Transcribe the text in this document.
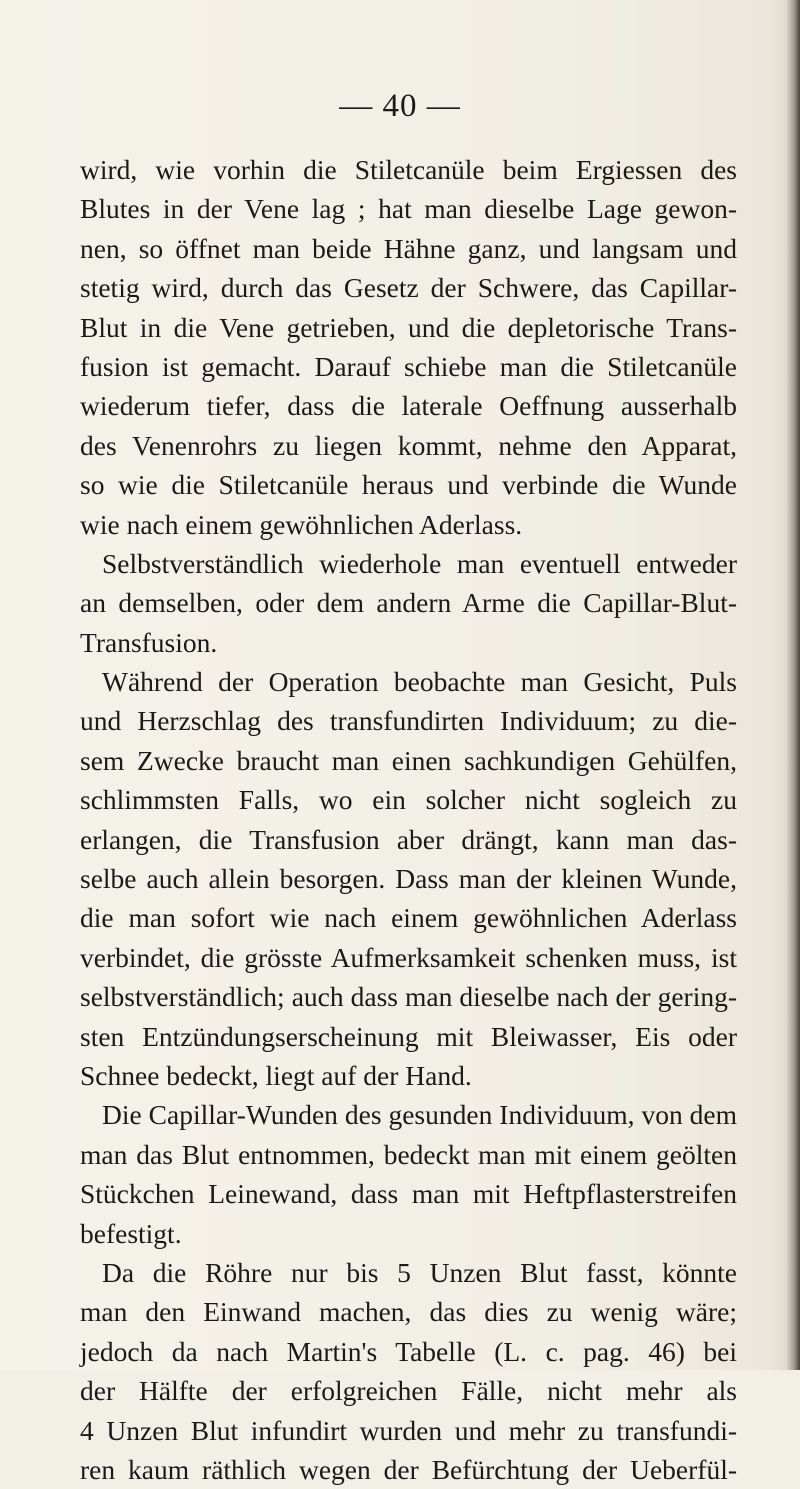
— 40 —
wird, wie vorhin die Stiletcanüle beim Ergiessen des
Blutes in der Vene lag ; hat man dieselbe Lage gewon-
nen, so öffnet man beide Hähne ganz, und langsam und
stetig wird, durch das Gesetz der Schwere, das Capillar-
Blut in die Vene getrieben, und die depletorische Trans-
fusion ist gemacht. Darauf schiebe man die Stiletcanüle
wiederum tiefer, dass die laterale Oeffnung ausserhalb
des Venenrohrs zu liegen kommt, nehme den Apparat,
so wie die Stiletcanüle heraus und verbinde die Wunde
wie nach einem gewöhnlichen Aderlass.
Selbstverständlich wiederhole man eventuell entweder
an demselben, oder dem andern Arme die Capillar-Blut-
Transfusion.
Während der Operation beobachte man Gesicht, Puls
und Herzschlag des transfundirten Individuum; zu die-
sem Zwecke braucht man einen sachkundigen Gehülfen,
schlimmsten Falls, wo ein solcher nicht sogleich zu
erlangen, die Transfusion aber drängt, kann man das-
selbe auch allein besorgen. Dass man der kleinen Wunde,
die man sofort wie nach einem gewöhnlichen Aderlass
verbindet, die grösste Aufmerksamkeit schenken muss, ist
selbstverständlich; auch dass man dieselbe nach der gering-
sten Entzündungserscheinung mit Bleiwasser, Eis oder
Schnee bedeckt, liegt auf der Hand.
Die Capillar-Wunden des gesunden Individuum, von dem
man das Blut entnommen, bedeckt man mit einem geölten
Stückchen Leinewand, dass man mit Heftpflasterstreifen
befestigt.
Da die Röhre nur bis 5 Unzen Blut fasst, könnte
man den Einwand machen, das dies zu wenig wäre;
jedoch da nach Martin's Tabelle (L. c. pag. 46) bei
der Hälfte der erfolgreichen Fälle, nicht mehr als
4 Unzen Blut infundirt wurden und mehr zu transfundi-
ren kaum räthlich wegen der Befürchtung der Ueberfül-
